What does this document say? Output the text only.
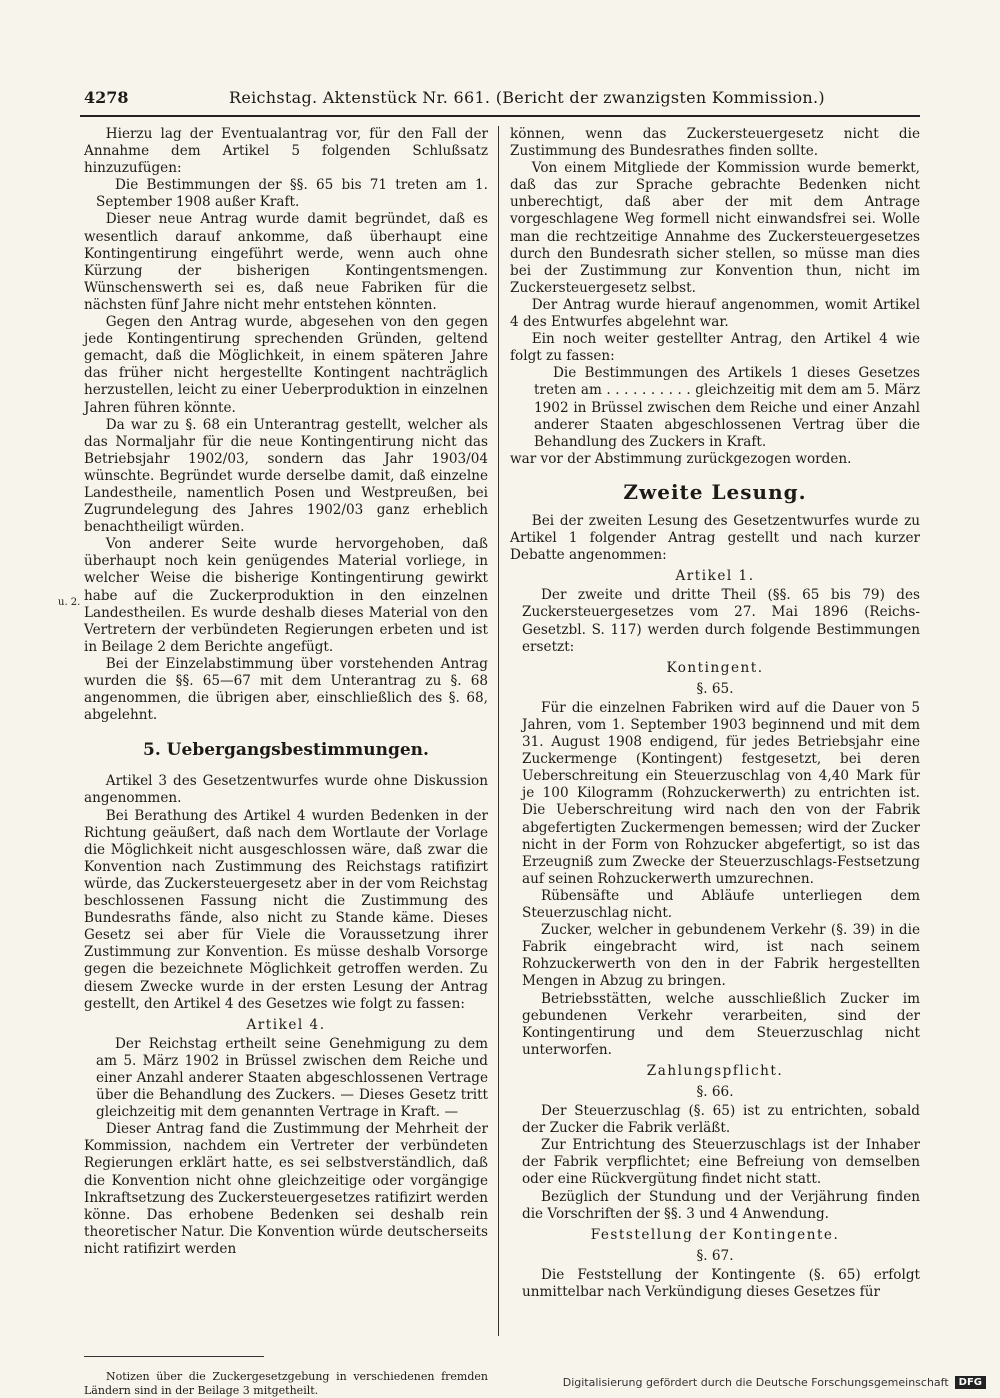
4278	Reichstag. Aktenstück Nr. 661. (Bericht der zwanzigsten Kommission.)
u. 2.

Hierzu lag der Eventualantrag vor, für den Fall der Annahme dem Artikel 5 folgenden Schlußsatz hinzuzufügen:

Die Bestimmungen der §§. 65 bis 71 treten am 1. September 1908 außer Kraft.

Dieser neue Antrag wurde damit begründet, daß es wesentlich darauf ankomme, daß überhaupt eine Kontingentirung eingeführt werde, wenn auch ohne Kürzung der bisherigen Kontingentsmengen. Wünschenswerth sei es, daß neue Fabriken für die nächsten fünf Jahre nicht mehr entstehen könnten.

Gegen den Antrag wurde, abgesehen von den gegen jede Kontingentirung sprechenden Gründen, geltend gemacht, daß die Möglichkeit, in einem späteren Jahre das früher nicht hergestellte Kontingent nachträglich herzustellen, leicht zu einer Ueberproduktion in einzelnen Jahren führen könnte.

Da war zu §. 68 ein Unterantrag gestellt, welcher als das Normaljahr für die neue Kontingentirung nicht das Betriebsjahr 1902/03, sondern das Jahr 1903/04 wünschte. Begründet wurde derselbe damit, daß einzelne Landestheile, namentlich Posen und Westpreußen, bei Zugrundelegung des Jahres 1902/03 ganz erheblich benachtheiligt würden.

Von anderer Seite wurde hervorgehoben, daß überhaupt noch kein genügendes Material vorliege, in welcher Weise die bisherige Kontingentirung gewirkt habe auf die Zuckerproduktion in den einzelnen Landestheilen. Es wurde deshalb dieses Material von den Vertretern der verbündeten Regierungen erbeten und ist in Beilage 2 dem Berichte angefügt.

Bei der Einzelabstimmung über vorstehenden Antrag wurden die §§. 65—67 mit dem Unterantrag zu §. 68 angenommen, die übrigen aber, einschließlich des §. 68, abgelehnt.

5. Uebergangsbestimmungen.

Artikel 3 des Gesetzentwurfes wurde ohne Diskussion angenommen.

Bei Berathung des Artikel 4 wurden Bedenken in der Richtung geäußert, daß nach dem Wortlaute der Vorlage die Möglichkeit nicht ausgeschlossen wäre, daß zwar die Konvention nach Zustimmung des Reichstags ratifizirt würde, das Zuckersteuergesetz aber in der vom Reichstag beschlossenen Fassung nicht die Zustimmung des Bundesraths fände, also nicht zu Stande käme. Dieses Gesetz sei aber für Viele die Voraussetzung ihrer Zustimmung zur Konvention. Es müsse deshalb Vorsorge gegen die bezeichnete Möglichkeit getroffen werden. Zu diesem Zwecke wurde in der ersten Lesung der Antrag gestellt, den Artikel 4 des Gesetzes wie folgt zu fassen:

Artikel 4.

Der Reichstag ertheilt seine Genehmigung zu dem am 5. März 1902 in Brüssel zwischen dem Reiche und einer Anzahl anderer Staaten abgeschlossenen Vertrage über die Behandlung des Zuckers. — Dieses Gesetz tritt gleichzeitig mit dem genannten Vertrage in Kraft. —

Dieser Antrag fand die Zustimmung der Mehrheit der Kommission, nachdem ein Vertreter der verbündeten Regierungen erklärt hatte, es sei selbstverständlich, daß die Konvention nicht ohne gleichzeitige oder vorgängige Inkraftsetzung des Zuckersteuergesetzes ratifizirt werden könne. Das erhobene Bedenken sei deshalb rein theoretischer Natur. Die Konvention würde deutscherseits nicht ratifizirt werden

können, wenn das Zuckersteuergesetz nicht die Zustimmung des Bundesrathes finden sollte.

Von einem Mitgliede der Kommission wurde bemerkt, daß das zur Sprache gebrachte Bedenken nicht unberechtigt, daß aber der mit dem Antrage vorgeschlagene Weg formell nicht einwandsfrei sei. Wolle man die rechtzeitige Annahme des Zuckersteuergesetzes durch den Bundesrath sicher stellen, so müsse man dies bei der Zustimmung zur Konvention thun, nicht im Zuckersteuergesetz selbst.

Der Antrag wurde hierauf angenommen, womit Artikel 4 des Entwurfes abgelehnt war.

Ein noch weiter gestellter Antrag, den Artikel 4 wie folgt zu fassen:

Die Bestimmungen des Artikels 1 dieses Gesetzes treten am . . . . . . . . . . gleichzeitig mit dem am 5. März 1902 in Brüssel zwischen dem Reiche und einer Anzahl anderer Staaten abgeschlossenen Vertrag über die Behandlung des Zuckers in Kraft.

war vor der Abstimmung zurückgezogen worden.

Zweite Lesung.

Bei der zweiten Lesung des Gesetzentwurfes wurde zu Artikel 1 folgender Antrag gestellt und nach kurzer Debatte angenommen:

Artikel 1.

Der zweite und dritte Theil (§§. 65 bis 79) des Zuckersteuergesetzes vom 27. Mai 1896 (Reichs-Gesetzbl. S. 117) werden durch folgende Bestimmungen ersetzt:

Kontingent.
§. 65.

Für die einzelnen Fabriken wird auf die Dauer von 5 Jahren, vom 1. September 1903 beginnend und mit dem 31. August 1908 endigend, für jedes Betriebsjahr eine Zuckermenge (Kontingent) festgesetzt, bei deren Ueberschreitung ein Steuerzuschlag von 4,40 Mark für je 100 Kilogramm (Rohzuckerwerth) zu entrichten ist. Die Ueberschreitung wird nach den von der Fabrik abgefertigten Zuckermengen bemessen; wird der Zucker nicht in der Form von Rohzucker abgefertigt, so ist das Erzeugniß zum Zwecke der Steuerzuschlags-Festsetzung auf seinen Rohzuckerwerth umzurechnen.

Rübensäfte und Abläufe unterliegen dem Steuerzuschlag nicht.

Zucker, welcher in gebundenem Verkehr (§. 39) in die Fabrik eingebracht wird, ist nach seinem Rohzuckerwerth von den in der Fabrik hergestellten Mengen in Abzug zu bringen.

Betriebsstätten, welche ausschließlich Zucker im gebundenen Verkehr verarbeiten, sind der Kontingentirung und dem Steuerzuschlag nicht unterworfen.

Zahlungspflicht.
§. 66.

Der Steuerzuschlag (§. 65) ist zu entrichten, sobald der Zucker die Fabrik verläßt.

Zur Entrichtung des Steuerzuschlags ist der Inhaber der Fabrik verpflichtet; eine Befreiung von demselben oder eine Rückvergütung findet nicht statt.

Bezüglich der Stundung und der Verjährung finden die Vorschriften der §§. 3 und 4 Anwendung.

Feststellung der Kontingente.
§. 67.

Die Feststellung der Kontingente (§. 65) erfolgt unmittelbar nach Verkündigung dieses Gesetzes für

Notizen über die Zuckergesetzgebung in verschiedenen fremden Ländern sind in der Beilage 3 mitgetheilt.
Digitalisierung gefördert durch die Deutsche Forschungsgemeinschaft	DFG
